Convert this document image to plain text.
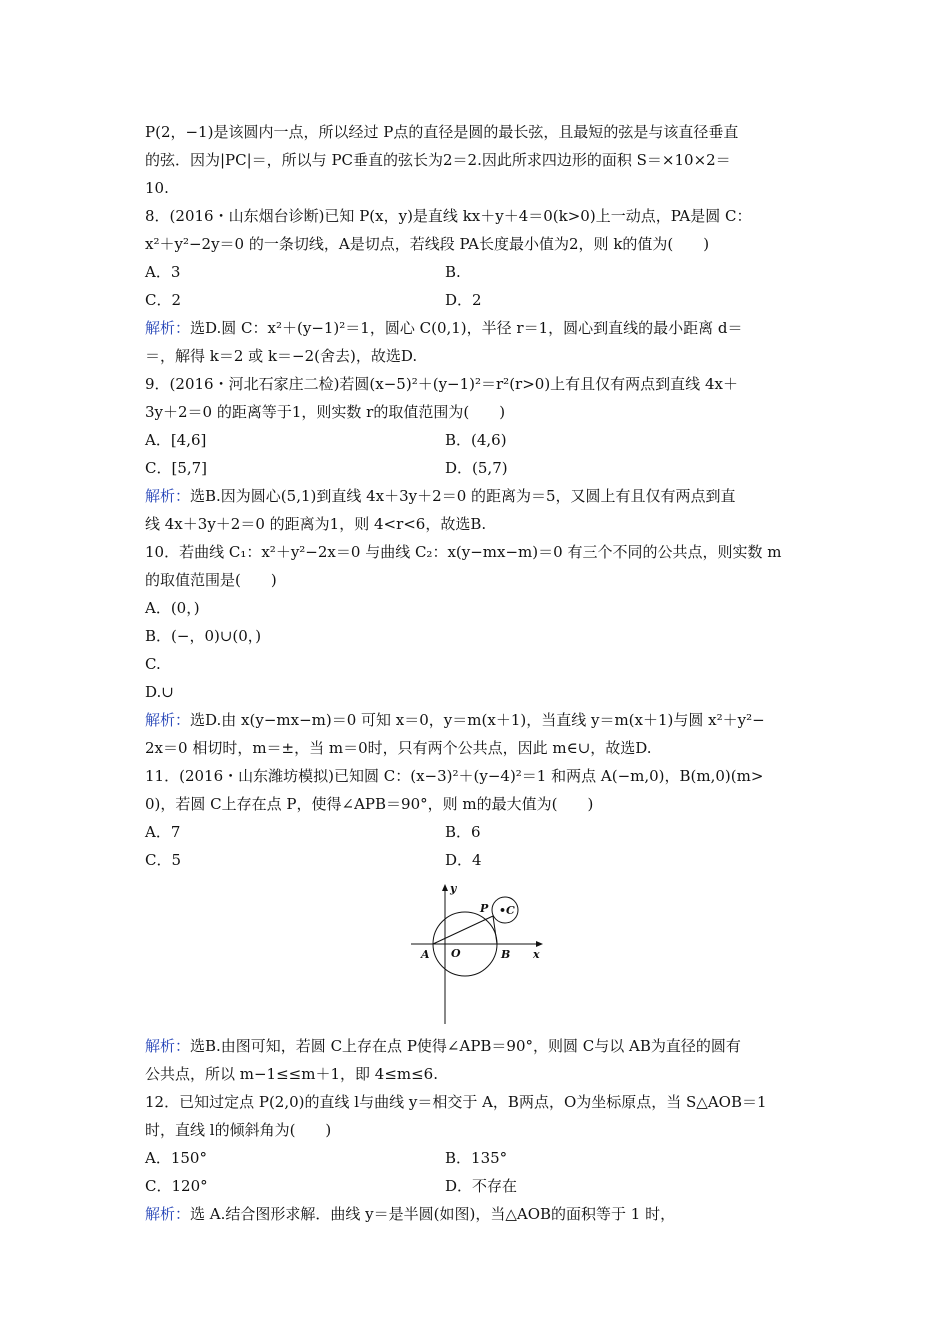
P(2，−1)是该圆内一点，所以经过 P点的直径是圆的最长弦，且最短的弦是与该直径垂直
的弦．因为|PC|＝，所以与 PC垂直的弦长为2＝2.因此所求四边形的面积 S＝×10×2＝
10.
8．(2016・山东烟台诊断)已知 P(x，y)是直线 kx＋y＋4＝0(k>0)上一动点，PA是圆 C：
x²＋y²−2y＝0 的一条切线，A是切点，若线段 PA长度最小值为2，则 k的值为(　　)
A．3	B.
C．2	D．2
解析：选D.圆 C：x²＋(y−1)²＝1，圆心 C(0,1)，半径 r＝1，圆心到直线的最小距离 d＝
＝，解得 k＝2 或 k＝−2(舍去)，故选D.
9．(2016・河北石家庄二检)若圆(x−5)²＋(y−1)²＝r²(r>0)上有且仅有两点到直线 4x＋
3y＋2＝0 的距离等于1，则实数 r的取值范围为(　　)
A．[4,6]	B．(4,6)
C．[5,7]	D．(5,7)
解析：选B.因为圆心(5,1)到直线 4x＋3y＋2＝0 的距离为＝5，又圆上有且仅有两点到直
线 4x＋3y＋2＝0 的距离为1，则 4<r<6，故选B.
10．若曲线 C₁：x²＋y²−2x＝0 与曲线 C₂：x(y−mx−m)＝0 有三个不同的公共点，则实数 m
的取值范围是(　　)
A．(0，)
B．(−，0)∪(0，)
C.
D.∪
解析：选D.由 x(y−mx−m)＝0 可知 x＝0，y＝m(x＋1)，当直线 y＝m(x＋1)与圆 x²＋y²−
2x＝0 相切时，m＝±，当 m＝0时，只有两个公共点，因此 m∈∪，故选D.
11．(2016・山东潍坊模拟)已知圆 C：(x−3)²＋(y−4)²＝1 和两点 A(−m,0)，B(m,0)(m>
0)，若圆 C上存在点 P，使得∠APB＝90°，则 m的最大值为(　　)
A．7	B．6
C．5	D．4
y
x
O
A	B
P •C
解析：选B.由图可知，若圆 C上存在点 P使得∠APB＝90°，则圆 C与以 AB为直径的圆有
公共点，所以 m−1≤≤m＋1，即 4≤m≤6.
12．已知过定点 P(2,0)的直线 l与曲线 y＝相交于 A，B两点，O为坐标原点，当 S△AOB＝1
时，直线 l的倾斜角为(　　)
A．150°	B．135°
C．120°	D．不存在
解析：选 A.结合图形求解．曲线 y＝是半圆(如图)，当△AOB的面积等于 1 时，
